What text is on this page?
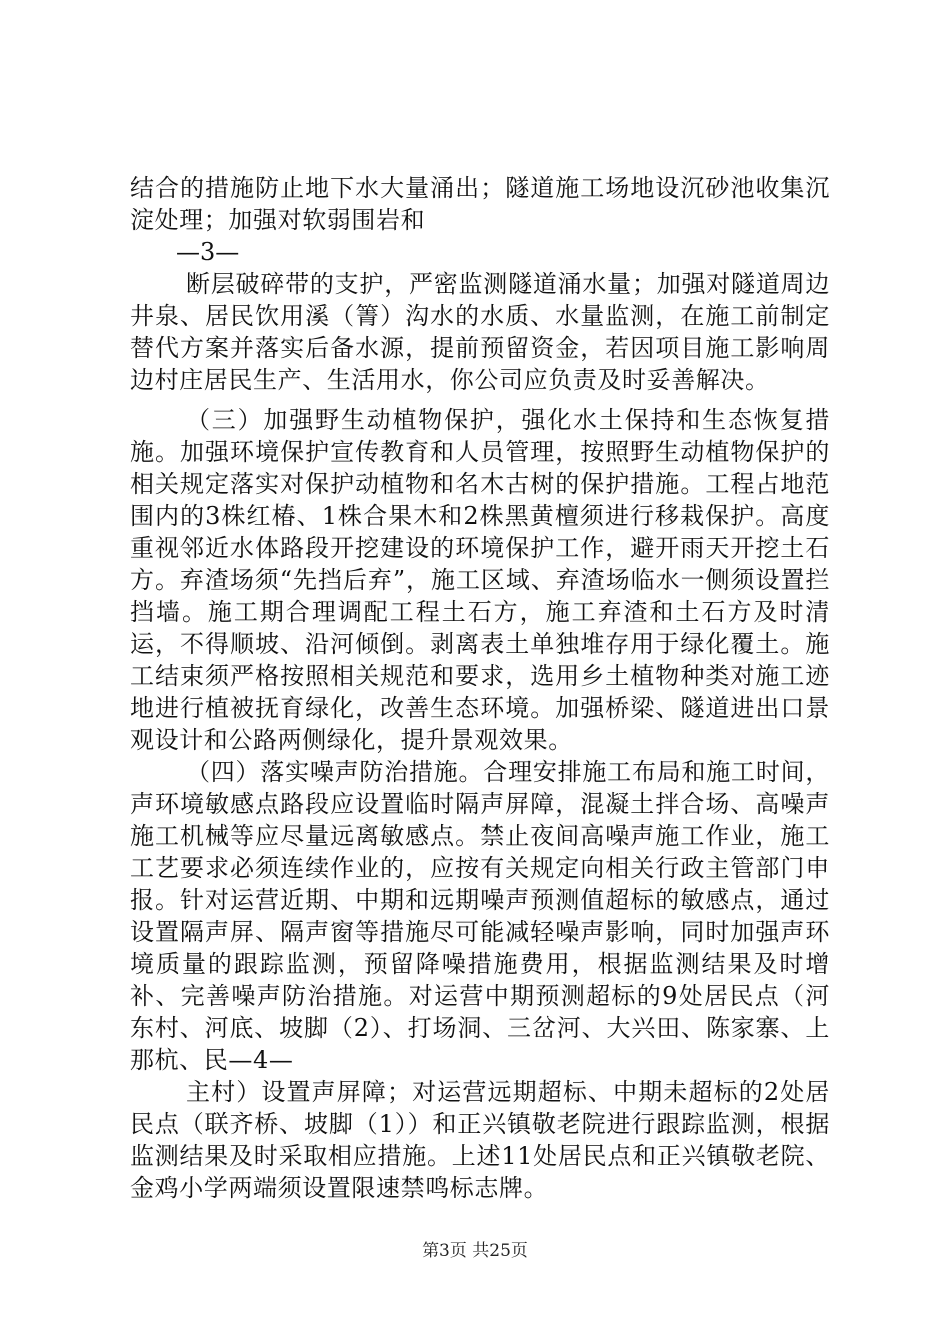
结合的措施防止地下水大量涌出；隧道施工场地设沉砂池收集沉淀处理；加强对软弱围岩和

—3—

断层破碎带的支护，严密监测隧道涌水量；加强对隧道周边井泉、居民饮用溪（箐）沟水的水质、水量监测，在施工前制定替代方案并落实后备水源，提前预留资金，若因项目施工影响周边村庄居民生产、生活用水，你公司应负责及时妥善解决。

（三）加强野生动植物保护，强化水土保持和生态恢复措施。加强环境保护宣传教育和人员管理，按照野生动植物保护的相关规定落实对保护动植物和名木古树的保护措施。工程占地范围内的3株红椿、1株合果木和2株黑黄檀须进行移栽保护。高度重视邻近水体路段开挖建设的环境保护工作，避开雨天开挖土石方。弃渣场须“先挡后弃”，施工区域、弃渣场临水一侧须设置拦挡墙。施工期合理调配工程土石方，施工弃渣和土石方及时清运，不得顺坡、沿河倾倒。剥离表土单独堆存用于绿化覆土。施工结束须严格按照相关规范和要求，选用乡土植物种类对施工迹地进行植被抚育绿化，改善生态环境。加强桥梁、隧道进出口景观设计和公路两侧绿化，提升景观效果。

（四）落实噪声防治措施。合理安排施工布局和施工时间，声环境敏感点路段应设置临时隔声屏障，混凝土拌合场、高噪声施工机械等应尽量远离敏感点。禁止夜间高噪声施工作业，施工工艺要求必须连续作业的，应按有关规定向相关行政主管部门申报。针对运营近期、中期和远期噪声预测值超标的敏感点，通过设置隔声屏、隔声窗等措施尽可能减轻噪声影响，同时加强声环境质量的跟踪监测，预留降噪措施费用，根据监测结果及时增补、完善噪声防治措施。对运营中期预测超标的9处居民点（河东村、河底、坡脚（2）、打场洞、三岔河、大兴田、陈家寨、上那杭、民—4—

主村）设置声屏障；对运营远期超标、中期未超标的2处居民点（联齐桥、坡脚（1））和正兴镇敬老院进行跟踪监测，根据监测结果及时采取相应措施。上述11处居民点和正兴镇敬老院、金鸡小学两端须设置限速禁鸣标志牌。

第3页 共25页
